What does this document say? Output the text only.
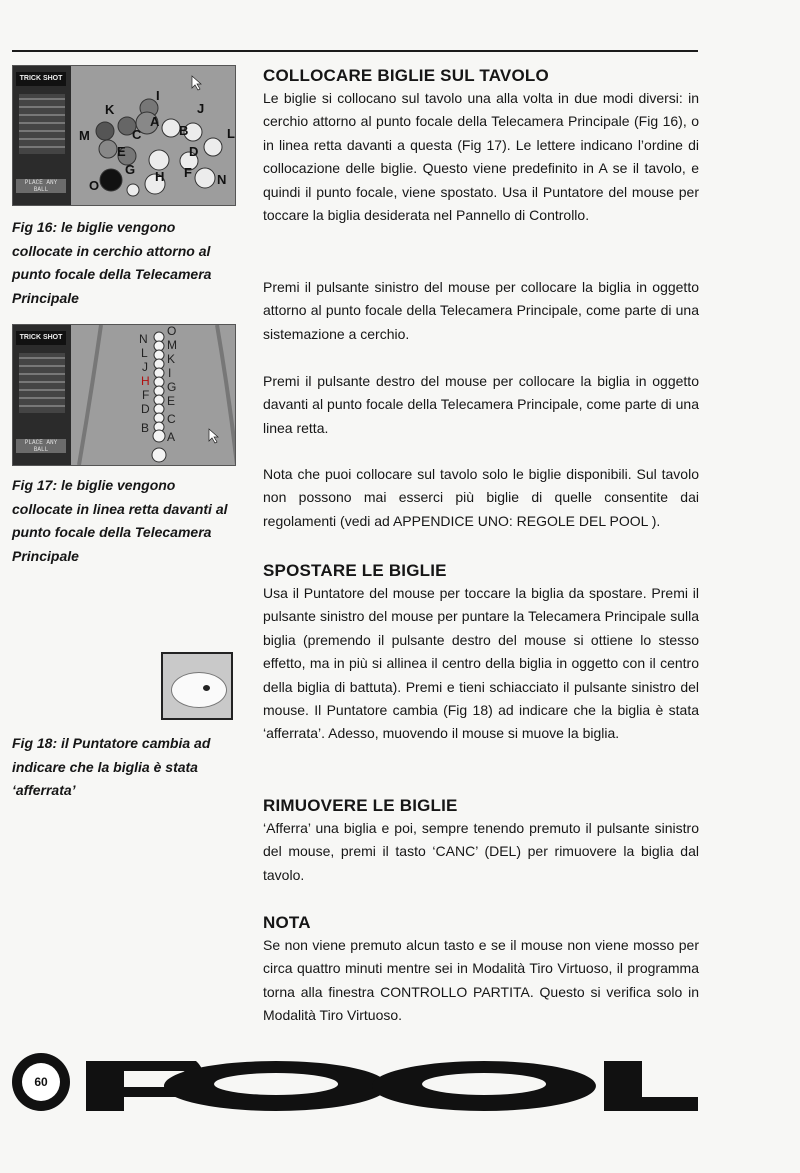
TRICK SHOT
PLACE ANY BALL
A
B
C
D
E
F
G H
I
J
K
L
M
N
O
Fig 16: le biglie vengono collocate in cerchio attorno al punto focale della Telecamera Principale
TRICK SHOT
PLACE ANY BALL
N
L
J
H
F
D
B
O
M
K
I
G
E
C
A
Fig 17: le biglie vengono collocate in linea retta davanti al punto focale della Telecamera Principale
Fig 18: il Puntatore cambia ad indicare che la biglia è stata ‘afferrata’
COLLOCARE BIGLIE SUL TAVOLO

Le biglie si collocano sul tavolo una alla volta in due modi diversi: in cerchio attorno al punto focale della Telecamera Principale (Fig 16), o in linea retta davanti a questa (Fig 17). Le lettere indicano l’ordine di collocazione delle biglie. Questo viene predefinito in A se il tavolo, e quindi il punto focale, viene spostato. Usa il Puntatore del mouse per toccare la biglia desiderata nel Pannello di Controllo.

Premi il pulsante sinistro del mouse per collocare la biglia in oggetto attorno al punto focale della Telecamera Principale, come parte di una sistemazione a cerchio.

Premi il pulsante destro del mouse per collocare la biglia in oggetto davanti al punto focale della Telecamera Principale, come parte di una linea retta.

Nota che puoi collocare sul tavolo solo le biglie disponibili. Sul tavolo non possono mai esserci più biglie di quelle consentite dai regolamenti (vedi ad APPENDICE UNO: REGOLE DEL POOL ).

SPOSTARE LE BIGLIE

Usa il Puntatore del mouse per toccare la biglia da spostare. Premi il pulsante sinistro del mouse per puntare la Telecamera Principale sulla biglia (premendo il pulsante destro del mouse si ottiene lo stesso effetto, ma in più si allinea il centro della biglia in oggetto con il centro della biglia di battuta). Premi e tieni schiacciato il pulsante sinistro del mouse. Il Puntatore cambia (Fig 18) ad indicare che la biglia è stata ‘afferrata’. Adesso, muovendo il mouse si muove la biglia.

RIMUOVERE LE BIGLIE

‘Afferra’ una biglia e poi, sempre tenendo premuto il pulsante sinistro del mouse, premi il tasto ‘CANC’ (DEL) per rimuovere la biglia dal tavolo.

NOTA

Se non viene premuto alcun tasto e se il mouse non viene mosso per circa quattro minuti mentre sei in Modalità Tiro Virtuoso, il programma torna alla finestra CONTROLLO PARTITA. Questo si verifica solo in Modalità Tiro Virtuoso.

60
